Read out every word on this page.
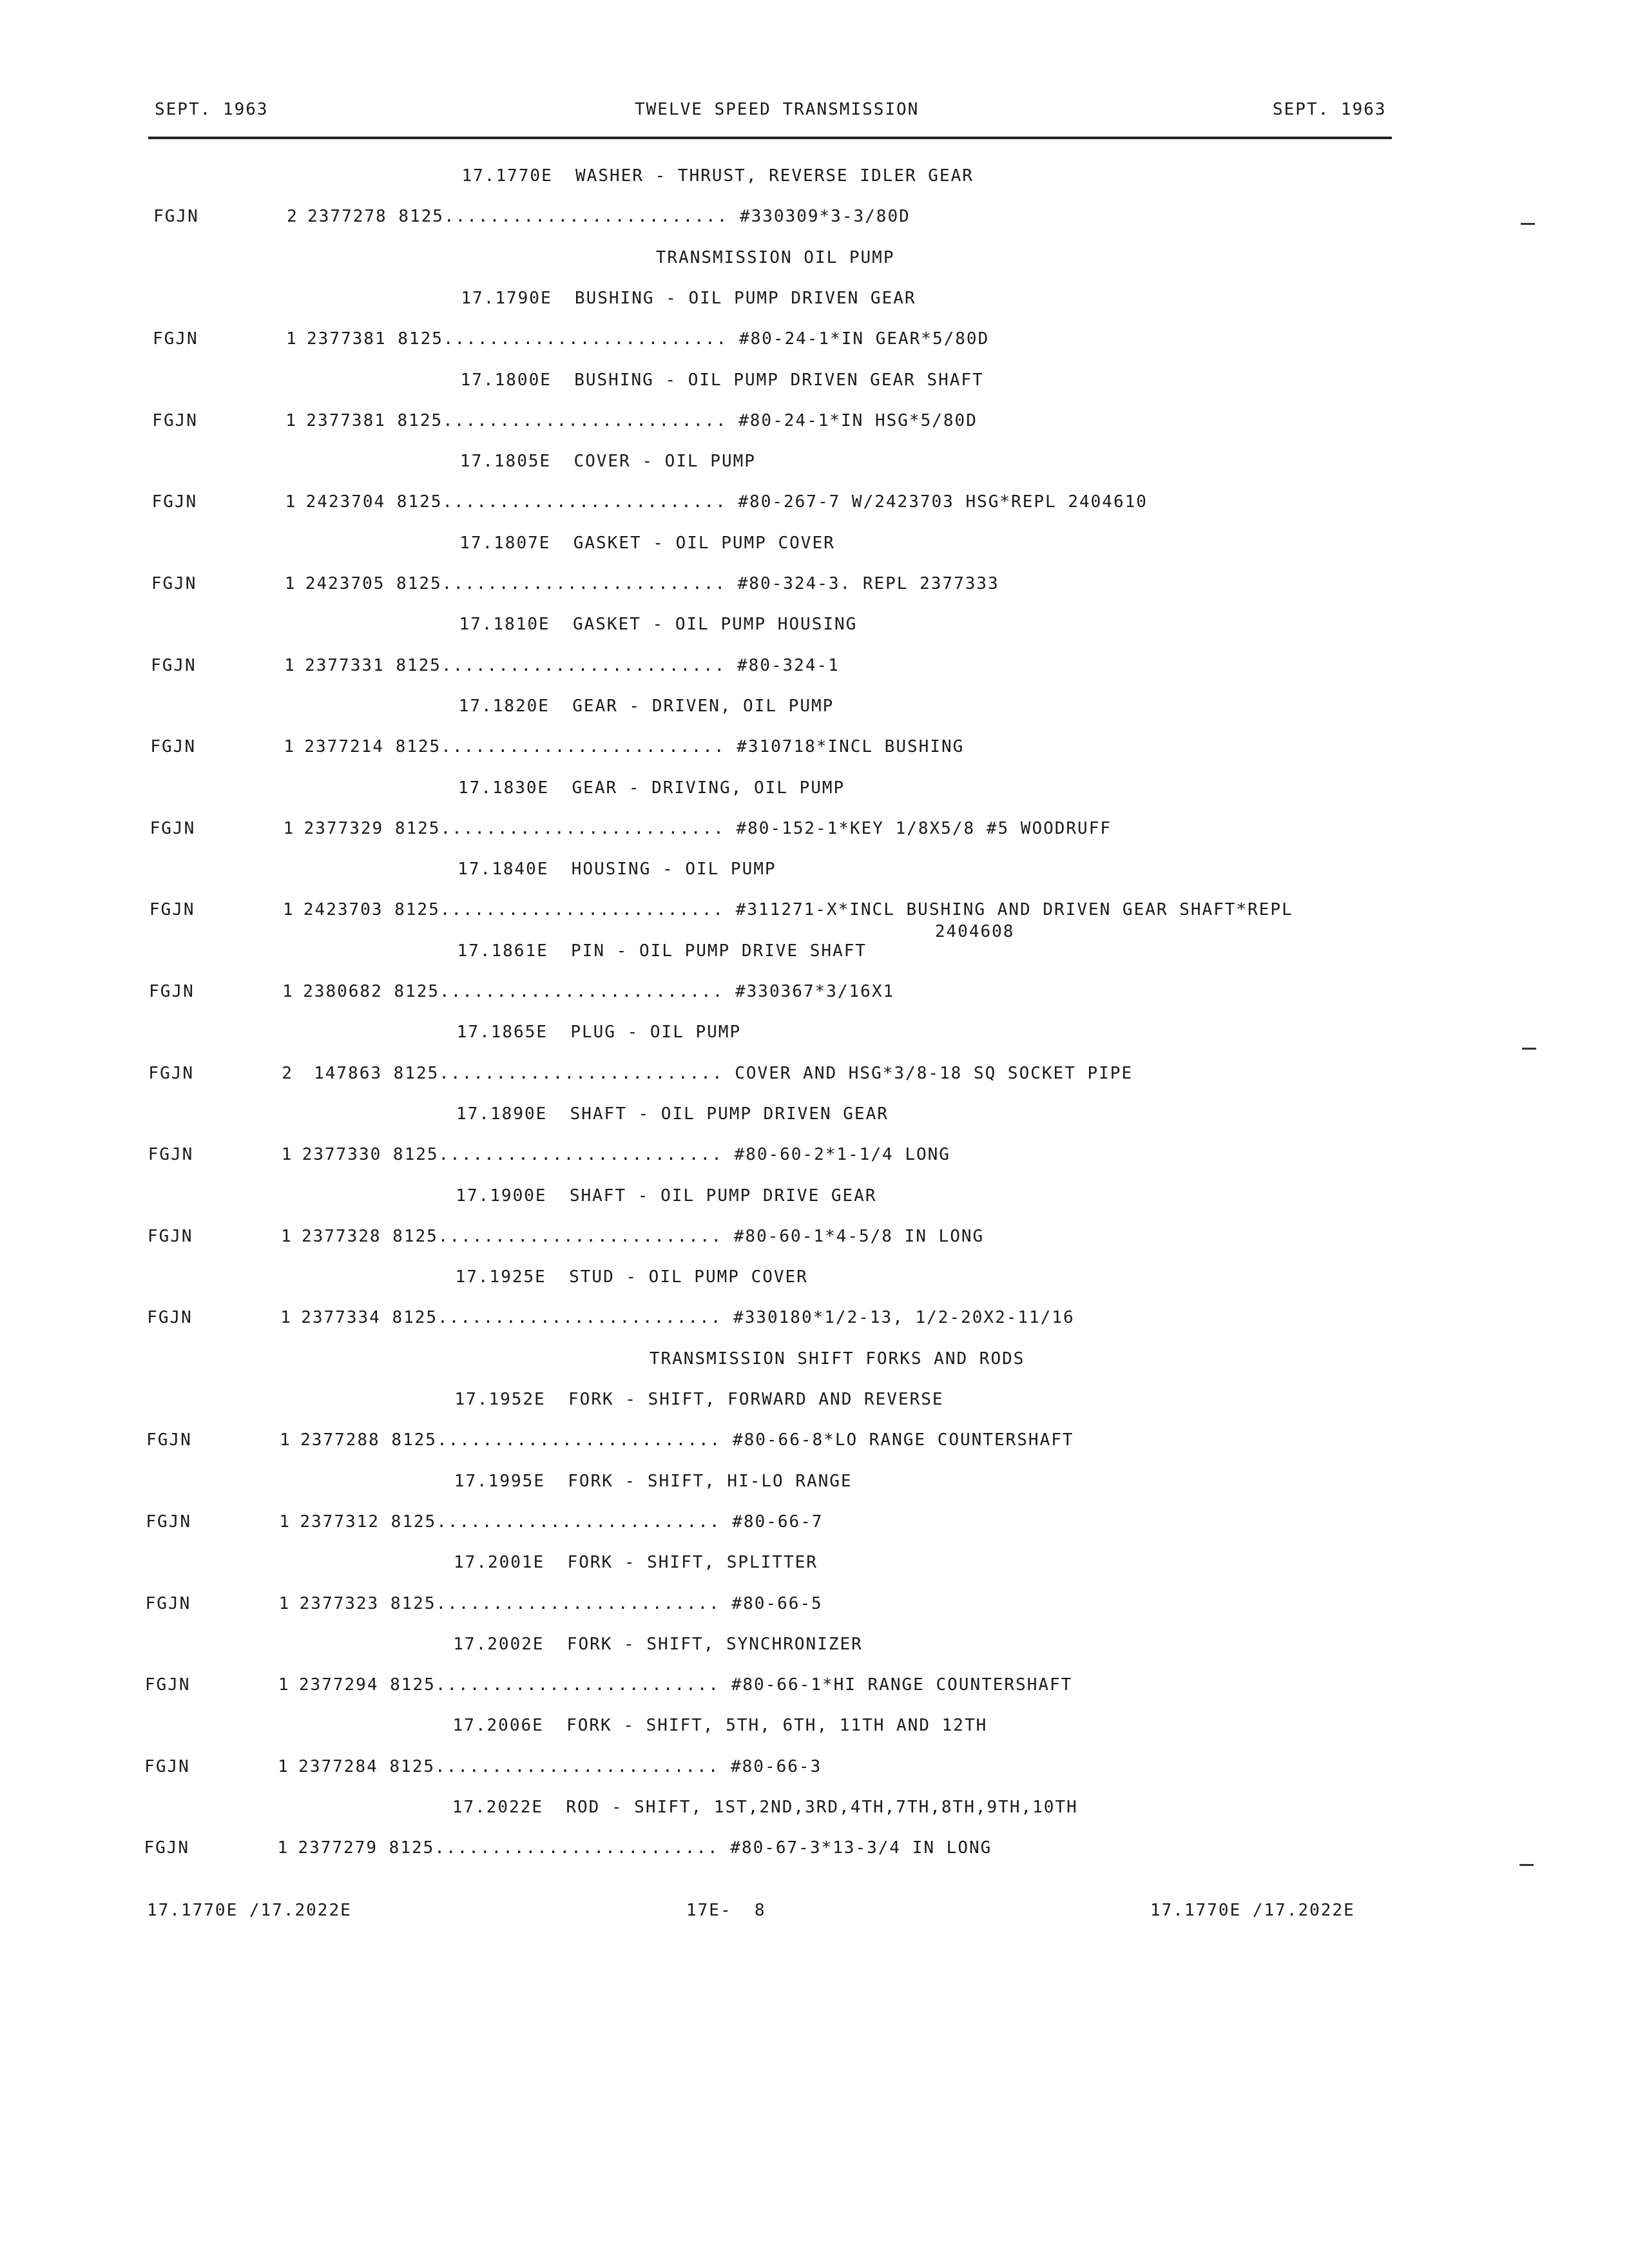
SEPT. 1963	TWELVE SPEED TRANSMISSION	SEPT. 1963
17.1770E  WASHER - THRUST, REVERSE IDLER GEAR
FGJN	2 2377278 8125......................... #330309*3-3/80D
TRANSMISSION OIL PUMP
17.1790E  BUSHING - OIL PUMP DRIVEN GEAR
FGJN	1 2377381 8125......................... #80-24-1*IN GEAR*5/80D
17.1800E  BUSHING - OIL PUMP DRIVEN GEAR SHAFT
FGJN	1 2377381 8125......................... #80-24-1*IN HSG*5/80D
17.1805E  COVER - OIL PUMP
FGJN	1 2423704 8125......................... #80-267-7 W/2423703 HSG*REPL 2404610
17.1807E  GASKET - OIL PUMP COVER
FGJN	1 2423705 8125......................... #80-324-3. REPL 2377333
17.1810E  GASKET - OIL PUMP HOUSING
FGJN	1 2377331 8125......................... #80-324-1
17.1820E  GEAR - DRIVEN, OIL PUMP
FGJN	1 2377214 8125......................... #310718*INCL BUSHING
17.1830E  GEAR - DRIVING, OIL PUMP
FGJN	1 2377329 8125......................... #80-152-1*KEY 1/8X5/8 #5 WOODRUFF
17.1840E  HOUSING - OIL PUMP
FGJN	1 2423703 8125......................... #311271-X*INCL BUSHING AND DRIVEN GEAR SHAFT*REPL
2404608
17.1861E  PIN - OIL PUMP DRIVE SHAFT
FGJN	1 2380682 8125......................... #330367*3/16X1
17.1865E  PLUG - OIL PUMP
FGJN	2 147863 8125......................... COVER AND HSG*3/8-18 SQ SOCKET PIPE
17.1890E  SHAFT - OIL PUMP DRIVEN GEAR
FGJN	1 2377330 8125......................... #80-60-2*1-1/4 LONG
17.1900E  SHAFT - OIL PUMP DRIVE GEAR
FGJN	1 2377328 8125......................... #80-60-1*4-5/8 IN LONG
17.1925E  STUD - OIL PUMP COVER
FGJN	1 2377334 8125......................... #330180*1/2-13, 1/2-20X2-11/16
TRANSMISSION SHIFT FORKS AND RODS
17.1952E  FORK - SHIFT, FORWARD AND REVERSE
FGJN	1 2377288 8125......................... #80-66-8*LO RANGE COUNTERSHAFT
17.1995E  FORK - SHIFT, HI-LO RANGE
FGJN	1 2377312 8125......................... #80-66-7
17.2001E  FORK - SHIFT, SPLITTER
FGJN	1 2377323 8125......................... #80-66-5
17.2002E  FORK - SHIFT, SYNCHRONIZER
FGJN	1 2377294 8125......................... #80-66-1*HI RANGE COUNTERSHAFT
17.2006E  FORK - SHIFT, 5TH, 6TH, 11TH AND 12TH
FGJN	1 2377284 8125......................... #80-66-3
17.2022E  ROD - SHIFT, 1ST,2ND,3RD,4TH,7TH,8TH,9TH,10TH
FGJN	1 2377279 8125......................... #80-67-3*13-3/4 IN LONG
17.1770E /17.2022E	17E-  8	17.1770E /17.2022E
